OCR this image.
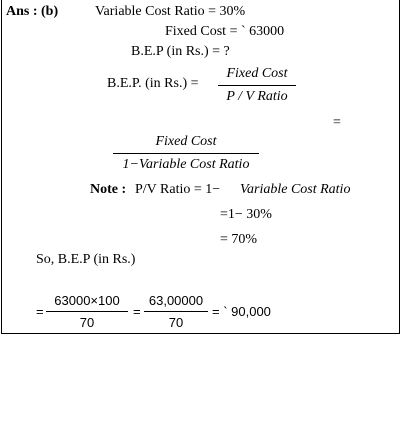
Ans : (b)	Variable Cost Ratio = 30%
Fixed Cost = ` 63000
B.E.P (in Rs.) = ?
B.E.P. (in Rs.) =
Fixed Cost
P / V Ratio
=
Fixed Cost
1−Variable Cost Ratio
Note : P/V Ratio = 1− Variable Cost Ratio
=1− 30%
= 70%
So, B.E.P (in Rs.)
=
63000×100
70
=
63,00000
70
= ` 90,000
